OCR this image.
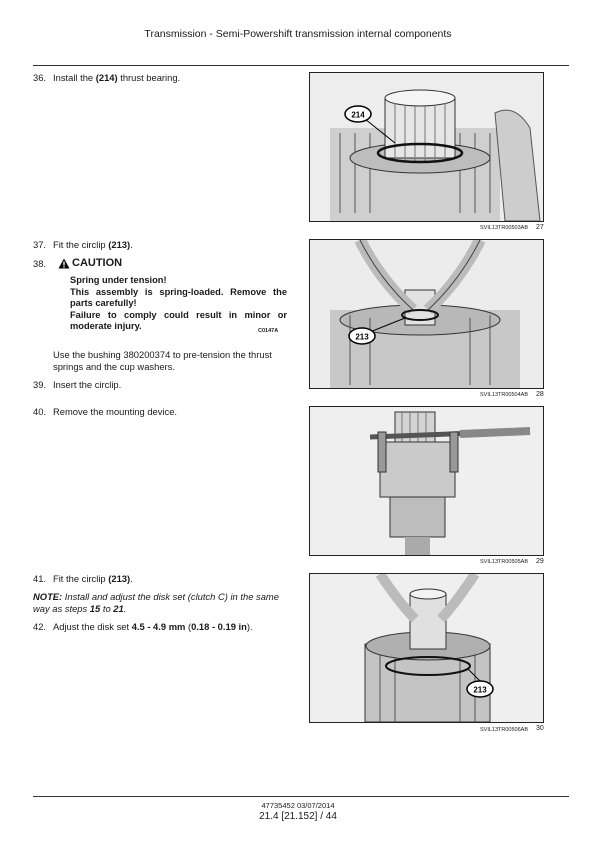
Transmission - Semi-Powershift transmission internal components
36. Install the (214) thrust bearing.
37. Fit the circlip (213).
38.	CAUTION
Spring under tension!
This assembly is spring-loaded. Remove the parts carefully!
Failure to comply could result in minor or moderate injury.	C0147A
Use the bushing 380200374 to pre-tension the thrust springs and the cup washers.
39. Insert the circlip.
40. Remove the mounting device.
41. Fit the circlip (213).
NOTE: Install and adjust the disk set (clutch C) in the same way as steps 15 to 21.
42. Adjust the disk set 4.5 - 4.9 mm (0.18 - 0.19 in).
214
SVIL13TR00503AB 27
213
SVIL13TR00504AB 28
SVIL13TR00505AB 29
213
SVIL13TR00506AB 30
47735452 03/07/2014
21.4 [21.152] / 44
